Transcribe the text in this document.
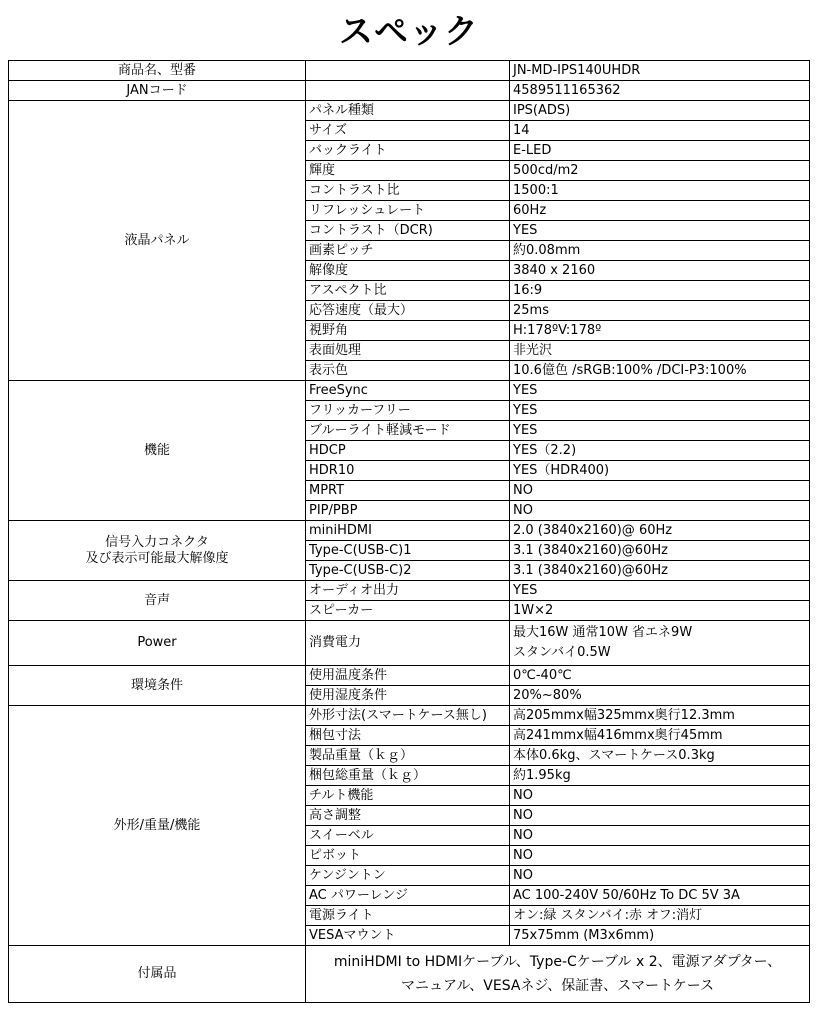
スペック
商品名、型番		JN-MD-IPS140UHDR
JANコード		4589511165362
液晶パネル	パネル種類	IPS(ADS)
	サイズ	14
	バックライト	E-LED
	輝度	500cd/m2
	コントラスト比	1500:1
	リフレッシュレート	60Hz
	コントラスト（DCR)	YES
	画素ピッチ	約0.08mm
	解像度	3840 x 2160
	アスペクト比	16:9
	応答速度（最大）	25ms
	視野角	H:178ºV:178º
	表面処理	非光沢
	表示色	10.6億色 /sRGB:100% /DCI-P3:100%
機能	FreeSync	YES
	フリッカーフリー	YES
	ブルーライト軽減モード	YES
	HDCP	YES（2.2)
	HDR10	YES（HDR400)
	MPRT	NO
	PIP/PBP	NO
信号入力コネクタ
及び表示可能最大解像度	miniHDMI	2.0 (3840x2160)@ 60Hz
	Type-C(USB-C)1	3.1 (3840x2160)@60Hz
	Type-C(USB-C)2	3.1 (3840x2160)@60Hz
音声	オーディオ出力	YES
	スピーカー	1W×2
Power	消費電力	最大16W 通常10W 省エネ9W
スタンバイ0.5W
環境条件	使用温度条件	0℃-40℃
	使用湿度条件	20%~80%
外形/重量/機能	外形寸法(スマートケース無し)	高205mmx幅325mmx奥行12.3mm
	梱包寸法	高241mmx幅416mmx奥行45mm
	製品重量（ｋｇ）	本体0.6kg、スマートケース0.3kg
	梱包総重量（ｋｇ）	約1.95kg
	チルト機能	NO
	高さ調整	NO
	スイーベル	NO
	ピボット	NO
	ケンジントン	NO
	AC パワーレンジ	AC 100-240V 50/60Hz To DC 5V 3A
	電源ライト	オン:緑 スタンバイ:赤 オフ:消灯
	VESAマウント	75x75mm (M3x6mm)
付属品	miniHDMI to HDMIケーブル、Type-Cケーブル x 2、電源アダプター、
マニュアル、VESAネジ、保証書、スマートケース	
